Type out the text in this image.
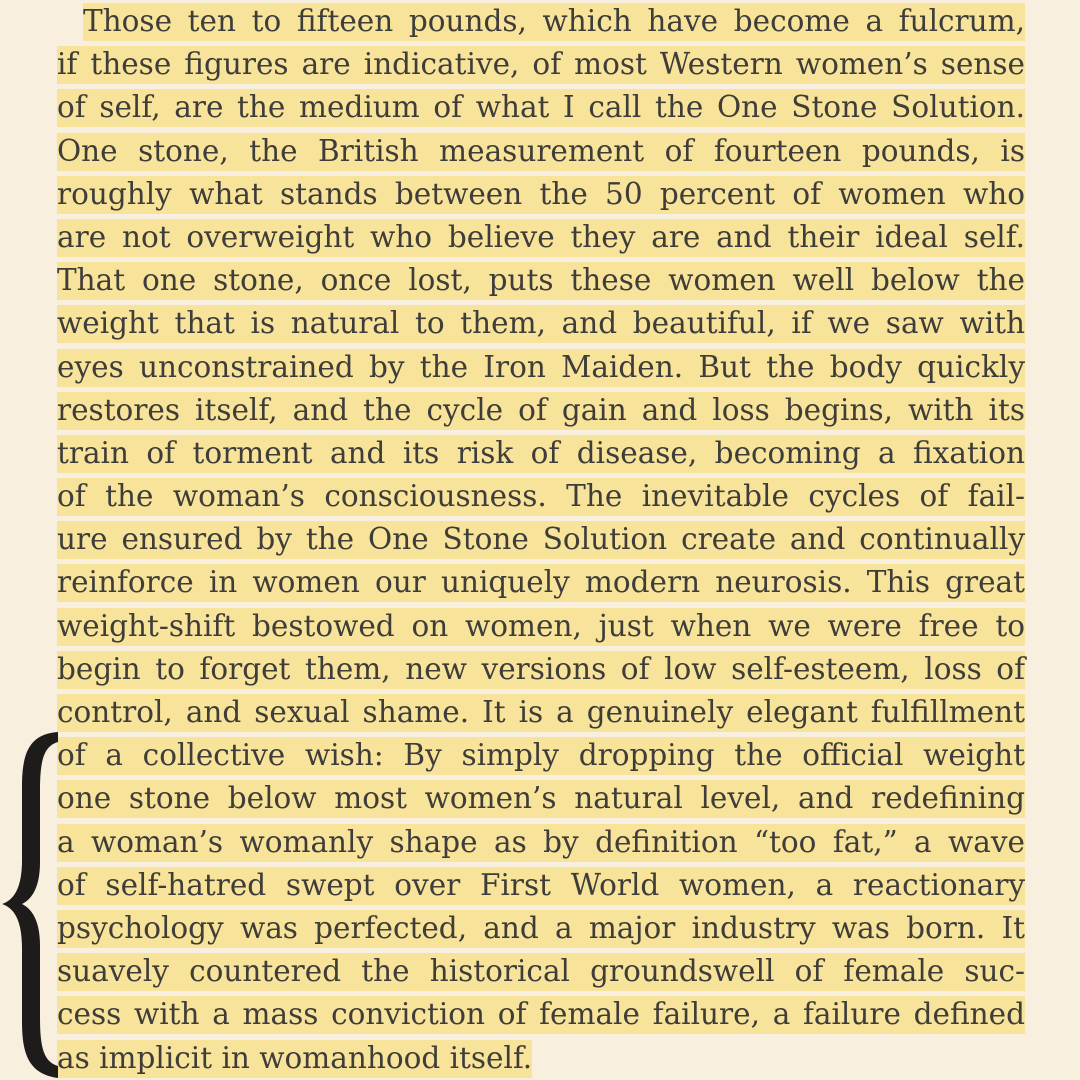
Those ten to fifteen pounds, which have become a fulcrum,
if these figures are indicative, of most Western women’s sense
of self, are the medium of what I call the One Stone Solution.
One stone, the British measurement of fourteen pounds, is
roughly what stands between the 50 percent of women who
are not overweight who believe they are and their ideal self.
That one stone, once lost, puts these women well below the
weight that is natural to them, and beautiful, if we saw with
eyes unconstrained by the Iron Maiden. But the body quickly
restores itself, and the cycle of gain and loss begins, with its
train of torment and its risk of disease, becoming a fixation
of the woman’s consciousness. The inevitable cycles of fail-
ure ensured by the One Stone Solution create and continually
reinforce in women our uniquely modern neurosis. This great
weight-shift bestowed on women, just when we were free to
begin to forget them, new versions of low self-esteem, loss of
control, and sexual shame. It is a genuinely elegant fulfillment
of a collective wish: By simply dropping the official weight
one stone below most women’s natural level, and redefining
a woman’s womanly shape as by definition “too fat,” a wave
of self-hatred swept over First World women, a reactionary
psychology was perfected, and a major industry was born. It
suavely countered the historical groundswell of female suc-
cess with a mass conviction of female failure, a failure defined
as implicit in womanhood itself.
